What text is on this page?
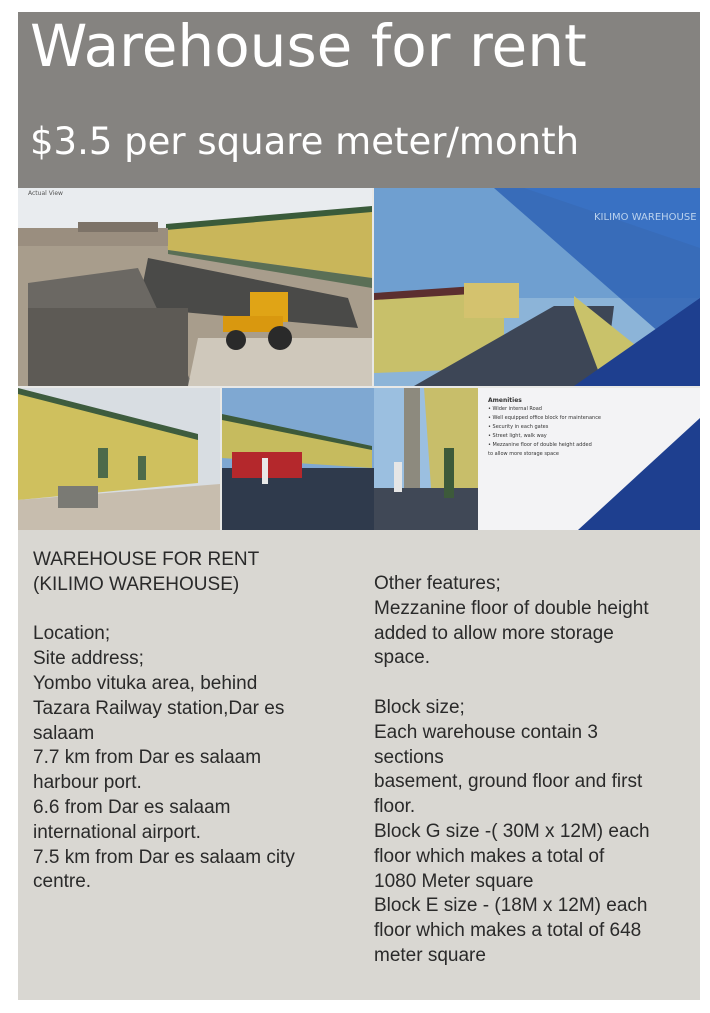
Warehouse for rent
$3.5 per square meter/month
Actual View
KILIMO WAREHOUSE
Amenities
• Wider internal Road
• Well equipped office block for maintenance
• Security in each gates
• Street light, walk way
• Mezzanine floor of double height added
to allow more storage space
WAREHOUSE FOR RENT
(KILIMO WAREHOUSE)
Location;
Site address;
Yombo vituka area, behind
Tazara Railway station,Dar es
salaam
7.7 km from Dar es salaam
harbour port.
6.6 from Dar es salaam
international airport.
7.5 km from Dar es salaam city
centre.
Other features;
Mezzanine floor of double height
added to allow more storage
space.
Block size;
Each warehouse contain 3
sections
basement, ground floor and first
floor.
Block G size -( 30M x 12M) each
floor which makes a total of
1080 Meter square
Block E size - (18M x 12M) each
floor which makes a total of 648
meter square
